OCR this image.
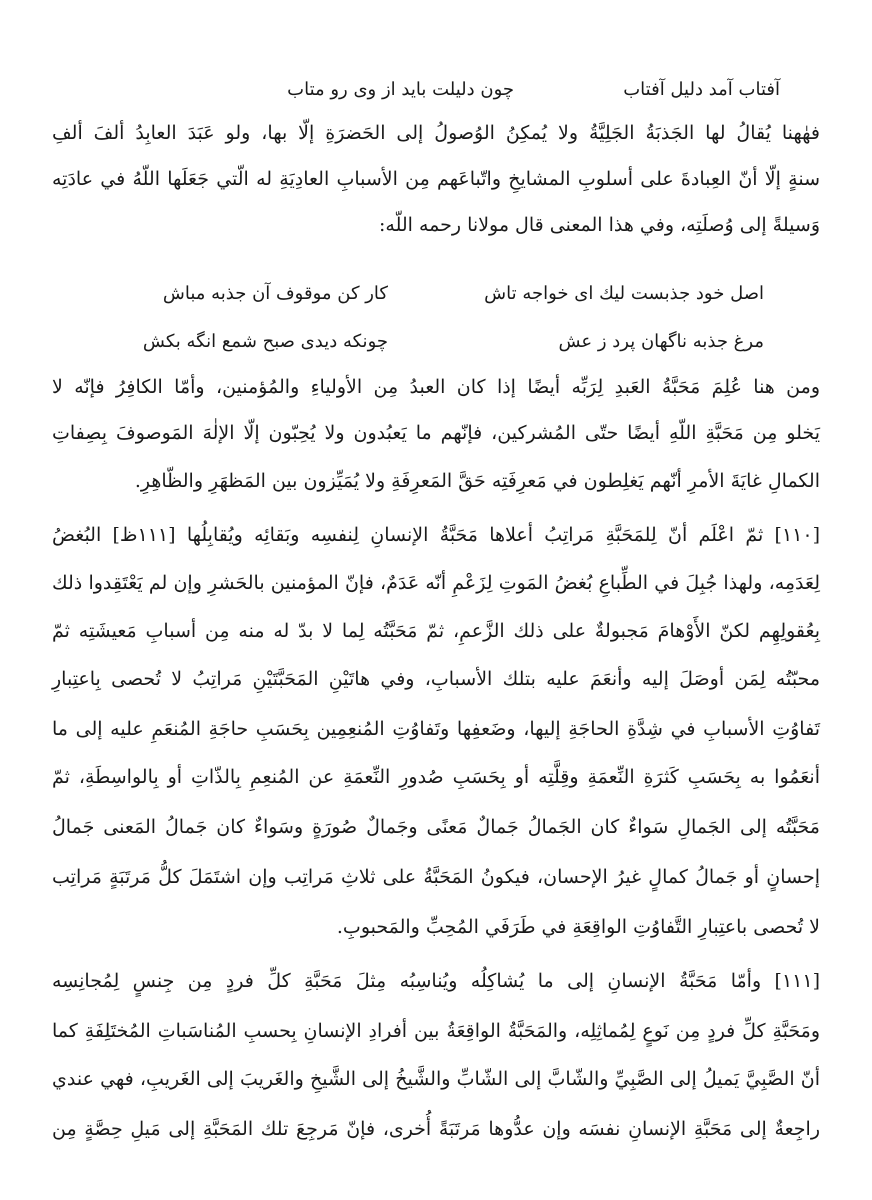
آفتاب آمد دلیل آفتاب
چون دلیلت باید از وی رو متاب
فهٰهنا يُقالُ لها الجَذبَةُ الجَلِيَّةُ ولا يُمكِنُ الوُصولُ إلى الحَضرَةِ إلّا بها، ولو عَبَدَ العابِدُ ألفَ ألفِ
سنةٍ إلّا أنّ العِبادةَ على أسلوبِ المشايخِ واتّباعَهم مِن الأسبابِ العادِيَةِ له الّتي جَعَلَها اللّهُ في عادَتِه
وَسيلةً إلى وُصلَتِه، وفي هذا المعنى قال مولانا رحمه اللّه:
اصل خود جذبست لیك ای خواجه تاش
كار كن موقوف آن جذبه مباش
مرغ جذبه ناگهان پرد ز عش
چونكه دیدی صبح شمع انگه بكش
ومن هنا عُلِمَ مَحَبَّةُ العَبدِ لِرَبِّه أيضًا إذا كان العبدُ مِن الأولياءِ والمُؤمنين، وأمّا الكافِرُ فإنّه لا
يَخلو مِن مَحَبَّةِ اللّهِ أيضًا حتّى المُشركين، فإنّهم ما يَعبُدون ولا يُحِبّون إلّا الإلٰهَ المَوصوفَ بِصِفاتِ
الكمالِ غايَةَ الأمرِ أنّهم يَغلِطون في مَعرِفَتِه حَقَّ المَعرِفَةِ ولا يُمَيِّزون بين المَظهَرِ والظّاهِرِ.
[١١٠] ثمّ اعْلَم أنّ لِلمَحَبَّةِ مَراتِبُ أعلاها مَحَبَّةُ الإنسانِ لِنفسِه وبَقائِه ويُقابِلُها [١١١ظ] البُغضُ
لِعَدَمِه، ولهذا جُبِلَ في الطِّباعِ بُغضُ المَوتِ لِزَعْمِ أنّه عَدَمٌ، فإنّ المؤمنين بالحَشرِ وإن لم يَعْتَقِدوا ذلك
بِعُقولِهِم لكنّ الأَوْهامَ مَجبولةٌ على ذلك الزَّعمِ، ثمّ مَحَبَّتُه لِما لا بدّ له منه مِن أسبابِ مَعيشَتِه ثمّ
محبّتُه لِمَن أوصَلَ إليه وأنعَمَ عليه بتلك الأسبابِ، وفي هاتَيْنِ المَحَبَّتَيْنِ مَراتِبُ لا تُحصى بِاعتِبارِ
تَفاوُتِ الأسبابِ في شِدَّةِ الحاجَةِ إليها، وضَعفِها وتَفاوُتِ المُنعِمِين بِحَسَبِ حاجَةِ المُنعَمِ عليه إلى ما
أنعَمُوا به بِحَسَبِ كَثرَةِ النِّعمَةِ وقِلَّتِه أو بِحَسَبِ صُدورِ النِّعمَةِ عن المُنعِمِ بِالذّاتِ أو بِالواسِطَةِ، ثمّ
مَحَبَّتُه إلى الجَمالِ سَواءٌ كان الجَمالُ جَمالٌ مَعنًى وجَمالٌ صُورَةٍ وسَواءٌ كان جَمالُ المَعنى جَمالُ
إحسانٍ أو جَمالُ كمالٍ غيرُ الإحسان، فيكونُ المَحَبَّةُ على ثلاثِ مَراتِب وإن اشتَمَلَ كلُّ مَرتَبَةٍ مَراتِب
لا تُحصى باعتِبارِ التَّفاوُتِ الواقِعَةِ في طَرَفَي المُحِبِّ والمَحبوبِ.
[١١١] وأمّا مَحَبَّةُ الإنسانِ إلى ما يُشاكِلُه ويُناسِبُه مِثلَ مَحَبَّةِ كلِّ فردٍ مِن جِنسٍ لِمُجانِسِه
ومَحَبَّةِ كلِّ فردٍ مِن نَوعٍ لِمُماثِلِه، والمَحَبَّةُ الواقِعَةُ بين أفرادِ الإنسانِ بِحسبِ المُناسَباتِ المُختَلِفَةِ كما
أنّ الصَّبِيَّ يَميلُ إلى الصَّبِيِّ والشّابَّ إلى الشّابِّ والشَّيخُ إلى الشَّيخِ والغَريبَ إلى الغَريبِ، فهي عندي
راجِعةٌ إلى مَحَبَّةِ الإنسانِ نفسَه وإن عدُّوها مَرتَبَةً أُخرى، فإنّ مَرجِعَ تلك المَحَبَّةِ إلى مَيلِ حِصَّةٍ مِن
